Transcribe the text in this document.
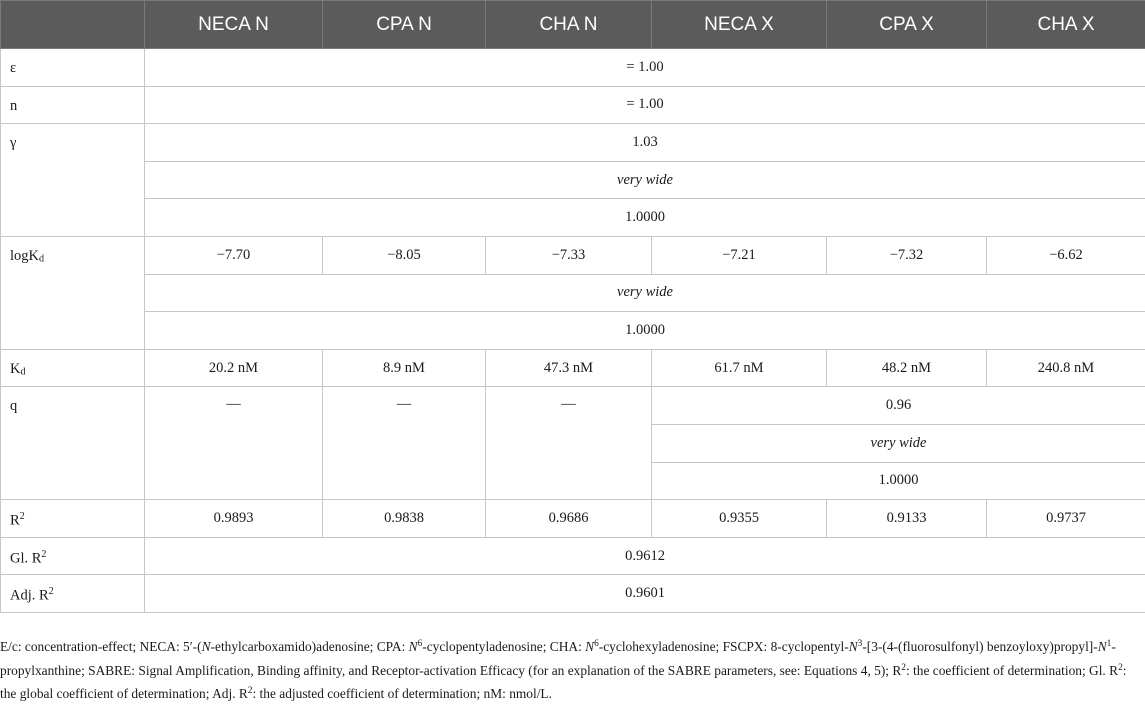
	NECA N	CPA N	CHA N	NECA X	CPA X	CHA X
ε	= 1.00					
n	= 1.00					
γ	1.03					
	very wide					
	1.0000					
logK$_d$	−7.70	−8.05	−7.33	−7.21	−7.32	−6.62
	very wide					
	1.0000					
$K_d$	20.2 nM	8.9 nM	47.3 nM	61.7 nM	48.2 nM	240.8 nM
q	—	—	—	0.96		
				very wide		
				1.0000		
$R^2$	0.9893	0.9838	0.9686	0.9355	0.9133	0.9737
Gl. $R^2$	0.9612					
Adj. $R^2$	0.9601					
E/c: concentration-effect; NECA: 5′-(N-ethylcarboxamido)adenosine; CPA: $N^6$-cyclopentyladenosine; CHA: $N^6$-cyclohexyladenosine; FSCPX: $8-cyclopentyl-N^3-[3-(4-(fluorosulfonyl)$ $benzoyloxy)propyl]-N^1$-propylxanthine; SABRE: Signal Amplification, Binding affinity, and Receptor-activation Efficacy (for an explanation of the SABRE parameters, see: Equations 4, 5); $R^2$: the coefficient of determination; Gl. $R^2$: the global coefficient of determination; Adj. $R^2$: the adjusted coefficient of determination; nM: nmol/L.
